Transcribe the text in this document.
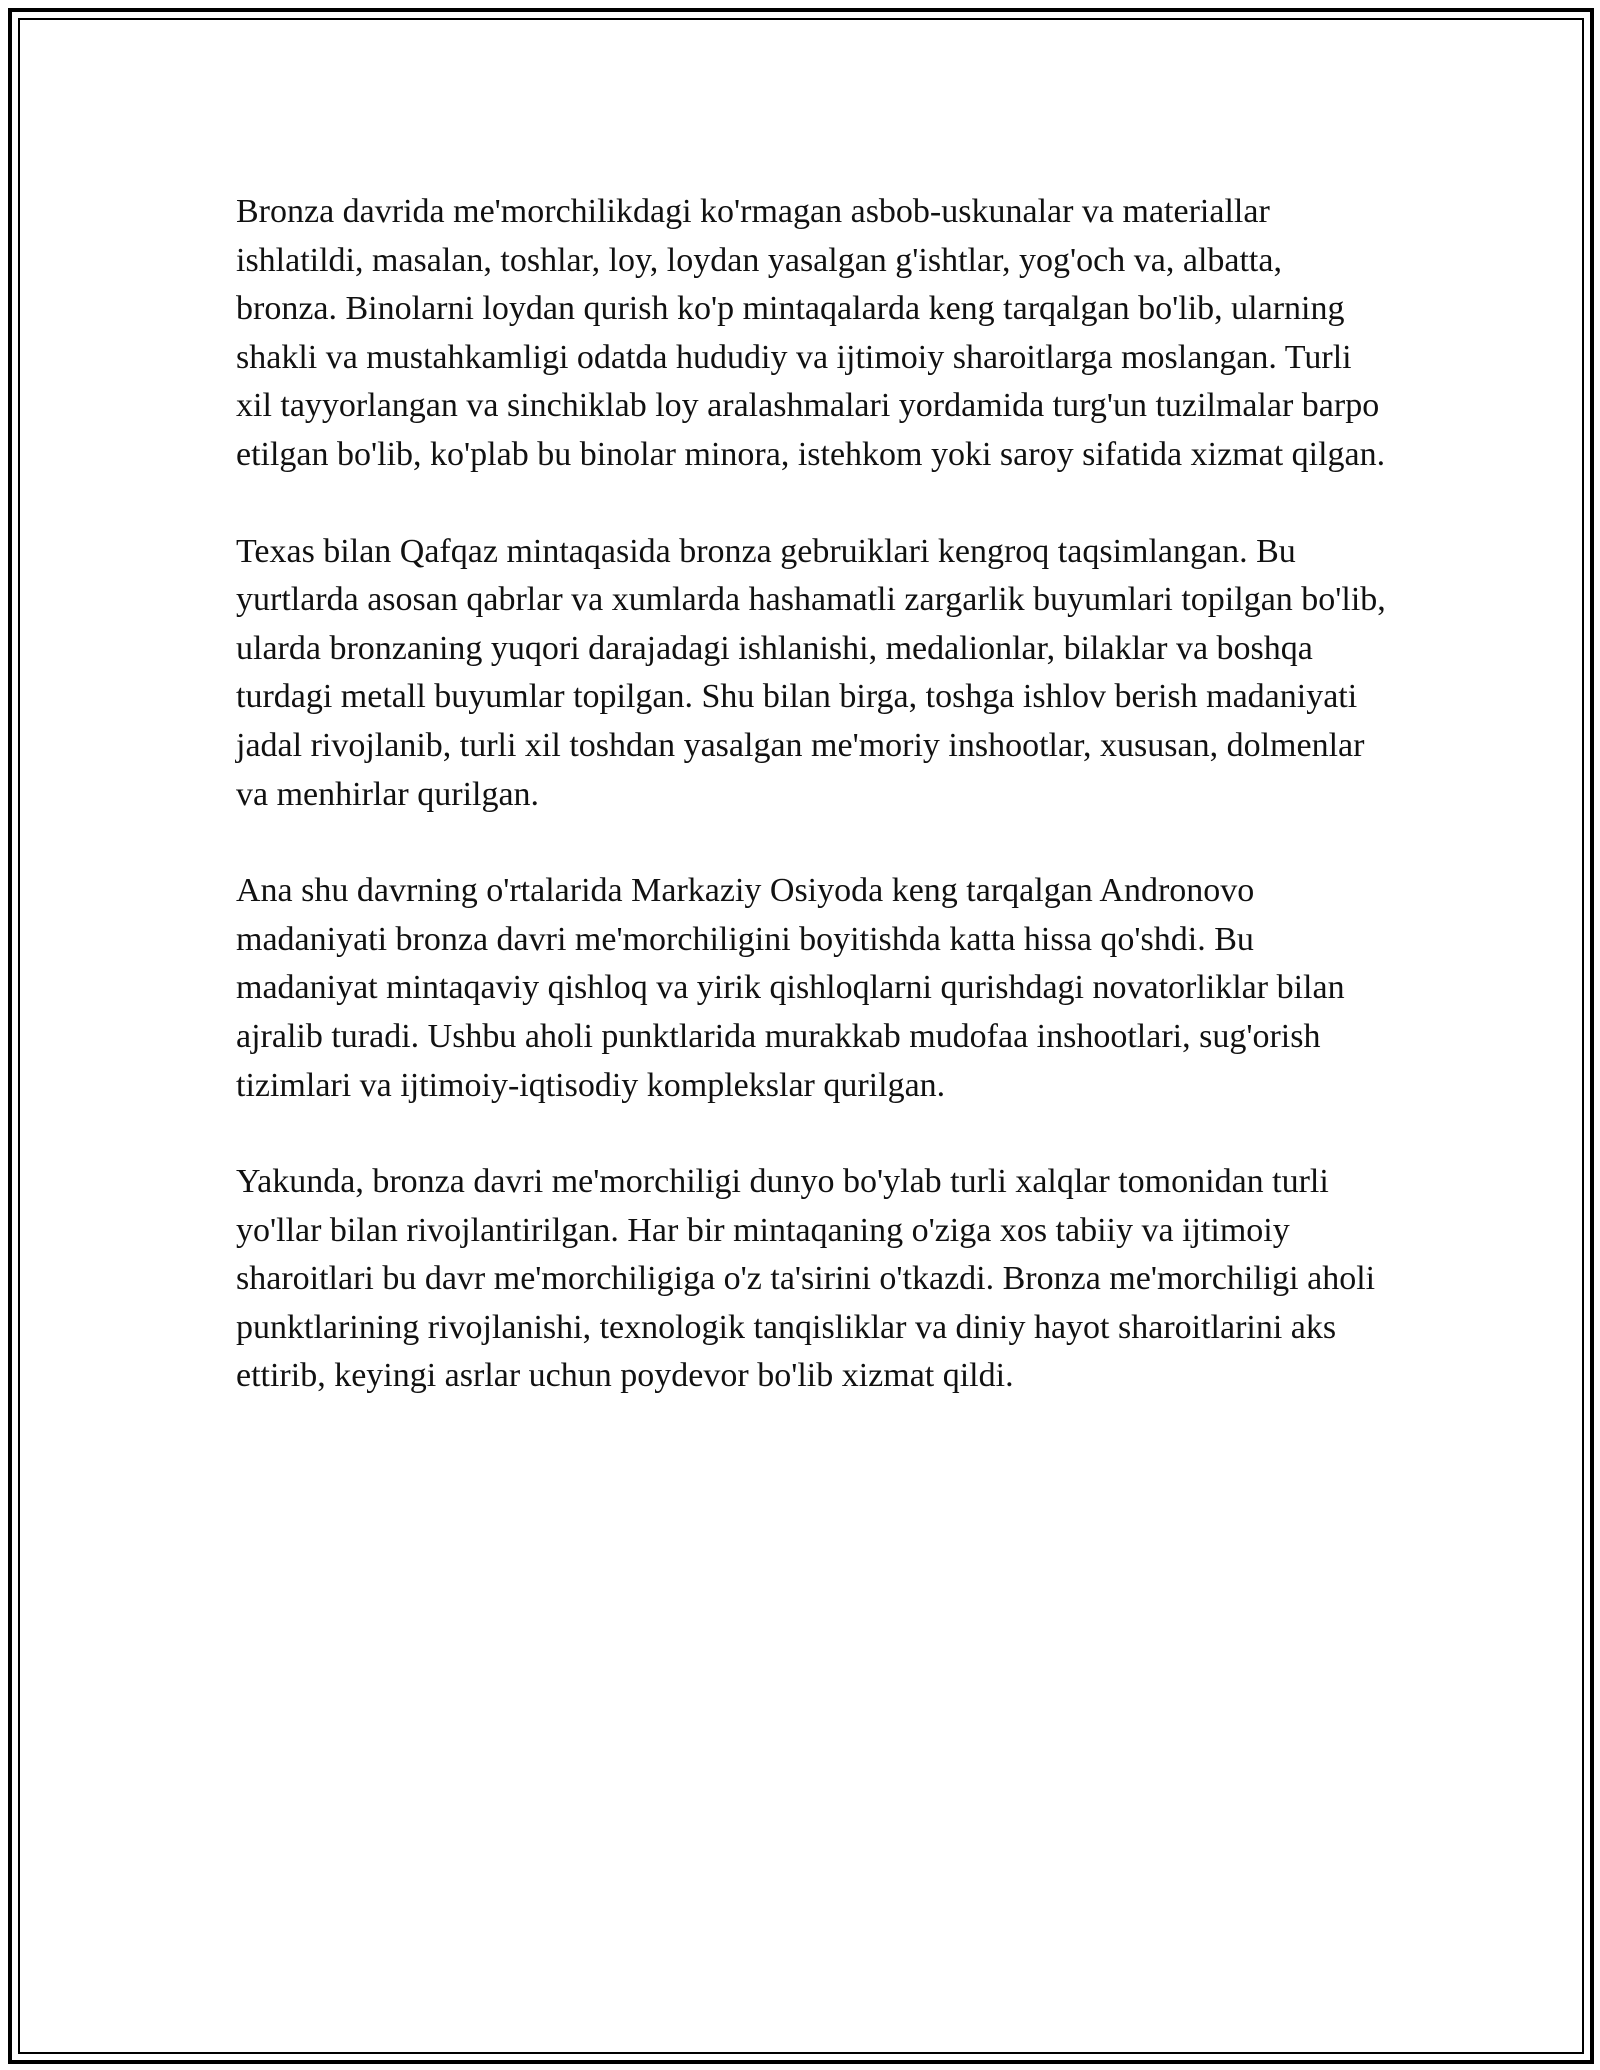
Bronza davrida me'morchilikdagi ko'rmagan asbob-uskunalar va materiallar ishlatildi, masalan, toshlar, loy, loydan yasalgan g'ishtlar, yog'och va, albatta, bronza. Binolarni loydan qurish ko'p mintaqalarda keng tarqalgan bo'lib, ularning shakli va mustahkamligi odatda hududiy va ijtimoiy sharoitlarga moslangan. Turli xil tayyorlangan va sinchiklab loy aralashmalari yordamida turg'un tuzilmalar barpo etilgan bo'lib, ko'plab bu binolar minora, istehkom yoki saroy sifatida xizmat qilgan.

Texas bilan Qafqaz mintaqasida bronza gebruiklari kengroq taqsimlangan. Bu yurtlarda asosan qabrlar va xumlarda hashamatli zargarlik buyumlari topilgan bo'lib, ularda bronzaning yuqori darajadagi ishlanishi, medalionlar, bilaklar va boshqa turdagi metall buyumlar topilgan. Shu bilan birga, toshga ishlov berish madaniyati jadal rivojlanib, turli xil toshdan yasalgan me'moriy inshootlar, xususan, dolmenlar va menhirlar qurilgan.

Ana shu davrning o'rtalarida Markaziy Osiyoda keng tarqalgan Andronovo madaniyati bronza davri me'morchiligini boyitishda katta hissa qo'shdi. Bu madaniyat mintaqaviy qishloq va yirik qishloqlarni qurishdagi novatorliklar bilan ajralib turadi. Ushbu aholi punktlarida murakkab mudofaa inshootlari, sug'orish tizimlari va ijtimoiy-iqtisodiy komplekslar qurilgan.

Yakunda, bronza davri me'morchiligi dunyo bo'ylab turli xalqlar tomonidan turli yo'llar bilan rivojlantirilgan. Har bir mintaqaning o'ziga xos tabiiy va ijtimoiy sharoitlari bu davr me'morchiligiga o'z ta'sirini o'tkazdi. Bronza me'morchiligi aholi punktlarining rivojlanishi, texnologik tanqisliklar va diniy hayot sharoitlarini aks ettirib, keyingi asrlar uchun poydevor bo'lib xizmat qildi.
